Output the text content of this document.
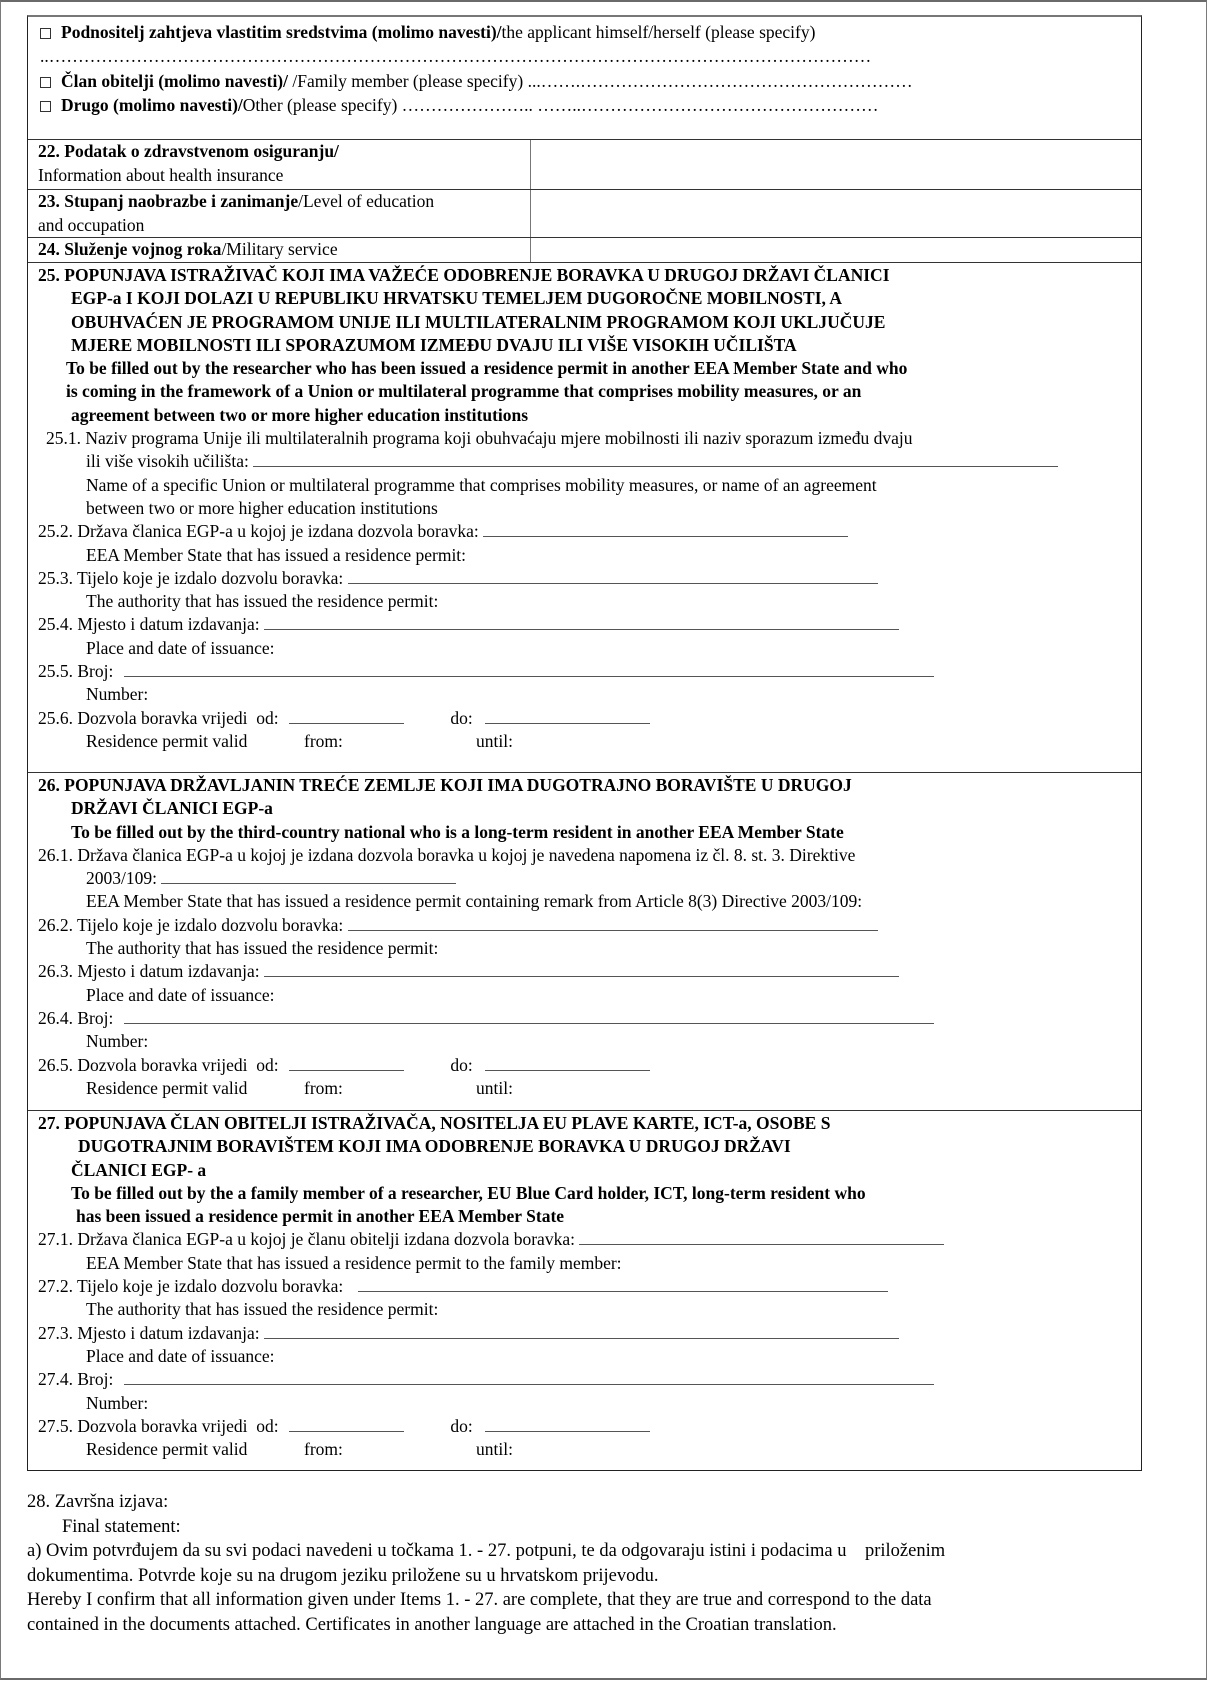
Podnositelj zahtjeva vlastitim sredstvima (molimo navesti)/the applicant himself/herself (please specify)
..……………………………………………………………………………………………………………………………
Član obitelji (molimo navesti)/ /Family member (please specify) ...…….…………………………………………………
Drugo (molimo navesti)/Other (please specify) ………………….. ……..……………………………………………
22. Podatak o zdravstvenom osiguranju/
Information about health insurance
23. Stupanj naobrazbe i zanimanje/Level of education
and occupation
24. Služenje vojnog roka/Military service
25. POPUNJAVA ISTRAŽIVAČ KOJI IMA VAŽEĆE ODOBRENJE BORAVKA U DRUGOJ DRŽAVI ČLANICI
EGP-a I KOJI DOLAZI U REPUBLIKU HRVATSKU TEMELJEM DUGOROČNE MOBILNOSTI, A
OBUHVAĆEN JE PROGRAMOM UNIJE ILI MULTILATERALNIM PROGRAMOM KOJI UKLJUČUJE
MJERE MOBILNOSTI ILI SPORAZUMOM IZMEĐU DVAJU ILI VIŠE VISOKIH UČILIŠTA
To be filled out by the researcher who has been issued a residence permit in another EEA Member State and who
is coming in the framework of a Union or multilateral programme that comprises mobility measures, or an
agreement between two or more higher education institutions
25.1. Naziv programa Unije ili multilateralnih programa koji obuhvaćaju mjere mobilnosti ili naziv sporazum između dvaju
ili više visokih učilišta:
Name of a specific Union or multilateral programme that comprises mobility measures, or name of an agreement
between two or more higher education institutions
25.2. Država članica EGP-a u kojoj je izdana dozvola boravka:
EEA Member State that has issued a residence permit:
25.3. Tijelo koje je izdalo dozvolu boravka:
The authority that has issued the residence permit:
25.4. Mjesto i datum izdavanja:
Place and date of issuance:
25.5. Broj:
Number:
25.6. Dozvola boravka vrijedi od:	do:
Residence permit valid	from:	until:
26. POPUNJAVA DRŽAVLJANIN TREĆE ZEMLJE KOJI IMA DUGOTRAJNO BORAVIŠTE U DRUGOJ
DRŽAVI ČLANICI EGP-a
To be filled out by the third-country national who is a long-term resident in another EEA Member State
26.1. Država članica EGP-a u kojoj je izdana dozvola boravka u kojoj je navedena napomena iz čl. 8. st. 3. Direktive
2003/109:
EEA Member State that has issued a residence permit containing remark from Article 8(3) Directive 2003/109:
26.2. Tijelo koje je izdalo dozvolu boravka:
The authority that has issued the residence permit:
26.3. Mjesto i datum izdavanja:
Place and date of issuance:
26.4. Broj:
Number:
26.5. Dozvola boravka vrijedi od:	do:
Residence permit valid	from:	until:
27. POPUNJAVA ČLAN OBITELJI ISTRAŽIVAČA, NOSITELJA EU PLAVE KARTE, ICT-a, OSOBE S
DUGOTRAJNIM BORAVIŠTEM KOJI IMA ODOBRENJE BORAVKA U DRUGOJ DRŽAVI
ČLANICI EGP- a
To be filled out by the a family member of a researcher, EU Blue Card holder, ICT, long-term resident who
has been issued a residence permit in another EEA Member State
27.1. Država članica EGP-a u kojoj je članu obitelji izdana dozvola boravka:
EEA Member State that has issued a residence permit to the family member:
27.2. Tijelo koje je izdalo dozvolu boravka:
The authority that has issued the residence permit:
27.3. Mjesto i datum izdavanja:
Place and date of issuance:
27.4. Broj:
Number:
27.5. Dozvola boravka vrijedi od:	do:
Residence permit valid	from:	until:
28. Završna izjava:
Final statement:
a) Ovim potvrđujem da su svi podaci navedeni u točkama 1. - 27. potpuni, te da odgovaraju istini i podacima u    priloženim
dokumentima. Potvrde koje su na drugom jeziku priložene su u hrvatskom prijevodu.
Hereby I confirm that all information given under Items 1. - 27. are complete, that they are true and correspond to the data
contained in the documents attached. Certificates in another language are attached in the Croatian translation.
